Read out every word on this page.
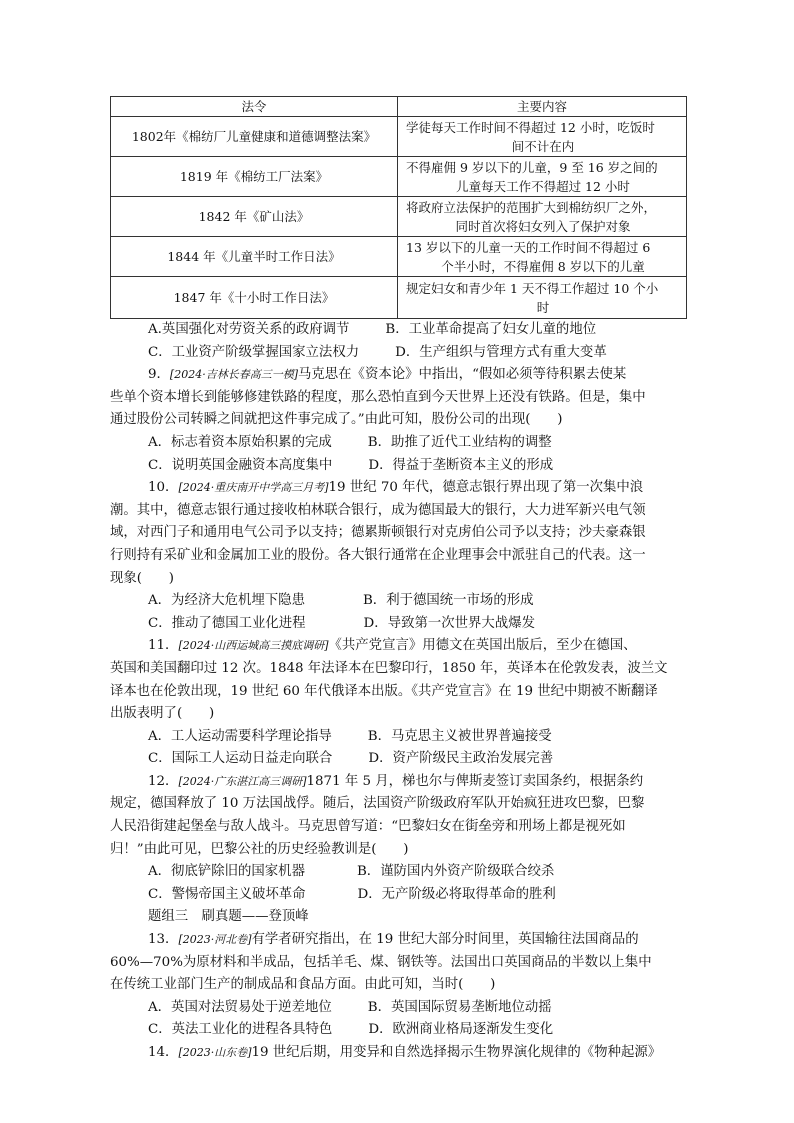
法令	主要内容
1802年《棉纺厂儿童健康和道德调整法案》	学徒每天工作时间不得超过 12 小时，吃饭时
间不计在内

1819 年《棉纺工厂法案》	不得雇佣 9 岁以下的儿童，9 至 16 岁之间的
儿童每天工作不得超过 12 小时

1842 年《矿山法》	将政府立法保护的范围扩大到棉纺织厂之外，
同时首次将妇女列入了保护对象

1844 年《儿童半时工作日法》	13 岁以下的儿童一天的工作时间不得超过 6
个半小时，不得雇佣 8 岁以下的儿童

1847 年《十小时工作日法》	规定妇女和青少年 1 天不得工作超过 10 个小
时
A.英国强化对劳资关系的政府调节	B．工业革命提高了妇女儿童的地位
C．工业资产阶级掌握国家立法权力	D．生产组织与管理方式有重大变革
9．[2024·吉林长春高三一模]马克思在《资本论》中指出，“假如必须等待积累去使某
些单个资本增长到能够修建铁路的程度，那么恐怕直到今天世界上还没有铁路。但是，集中
通过股份公司转瞬之间就把这件事完成了。”由此可知，股份公司的出现(　　)
A．标志着资本原始积累的完成	B．助推了近代工业结构的调整
C．说明英国金融资本高度集中	D．得益于垄断资本主义的形成
10．[2024·重庆南开中学高三月考]19 世纪 70 年代，德意志银行界出现了第一次集中浪
潮。其中，德意志银行通过接收柏林联合银行，成为德国最大的银行，大力进军新兴电气领
域，对西门子和通用电气公司予以支持；德累斯顿银行对克虏伯公司予以支持；沙夫豪森银
行则持有采矿业和金属加工业的股份。各大银行通常在企业理事会中派驻自己的代表。这一
现象(　　)
A．为经济大危机埋下隐患	B．利于德国统一市场的形成
C．推动了德国工业化进程	D．导致第一次世界大战爆发
11．[2024·山西运城高三摸底调研]《共产党宣言》用德文在英国出版后，至少在德国、
英国和美国翻印过 12 次。1848 年法译本在巴黎印行，1850 年，英译本在伦敦发表，波兰文
译本也在伦敦出现，19 世纪 60 年代俄译本出版。《共产党宣言》在 19 世纪中期被不断翻译
出版表明了(　　)
A．工人运动需要科学理论指导	B．马克思主义被世界普遍接受
C．国际工人运动日益走向联合	D．资产阶级民主政治发展完善
12．[2024·广东湛江高三调研]1871 年 5 月，梯也尔与俾斯麦签订卖国条约，根据条约
规定，德国释放了 10 万法国战俘。随后，法国资产阶级政府军队开始疯狂进攻巴黎，巴黎
人民沿街建起堡垒与敌人战斗。马克思曾写道：“巴黎妇女在街垒旁和刑场上都是视死如
归！”由此可见，巴黎公社的历史经验教训是(　　)
A．彻底铲除旧的国家机器	B．谨防国内外资产阶级联合绞杀
C．警惕帝国主义破坏革命	D．无产阶级必将取得革命的胜利
题组三　刷真题——登顶峰
13．[2023·河北卷]有学者研究指出，在 19 世纪大部分时间里，英国输往法国商品的
60%—70%为原材料和半成品，包括羊毛、煤、钢铁等。法国出口英国商品的半数以上集中
在传统工业部门生产的制成品和食品方面。由此可知，当时(　　)
A．英国对法贸易处于逆差地位	B．英国国际贸易垄断地位动摇
C．英法工业化的进程各具特色	D．欧洲商业格局逐渐发生变化
14．[2023·山东卷]19 世纪后期，用变异和自然选择揭示生物界演化规律的《物种起源》
